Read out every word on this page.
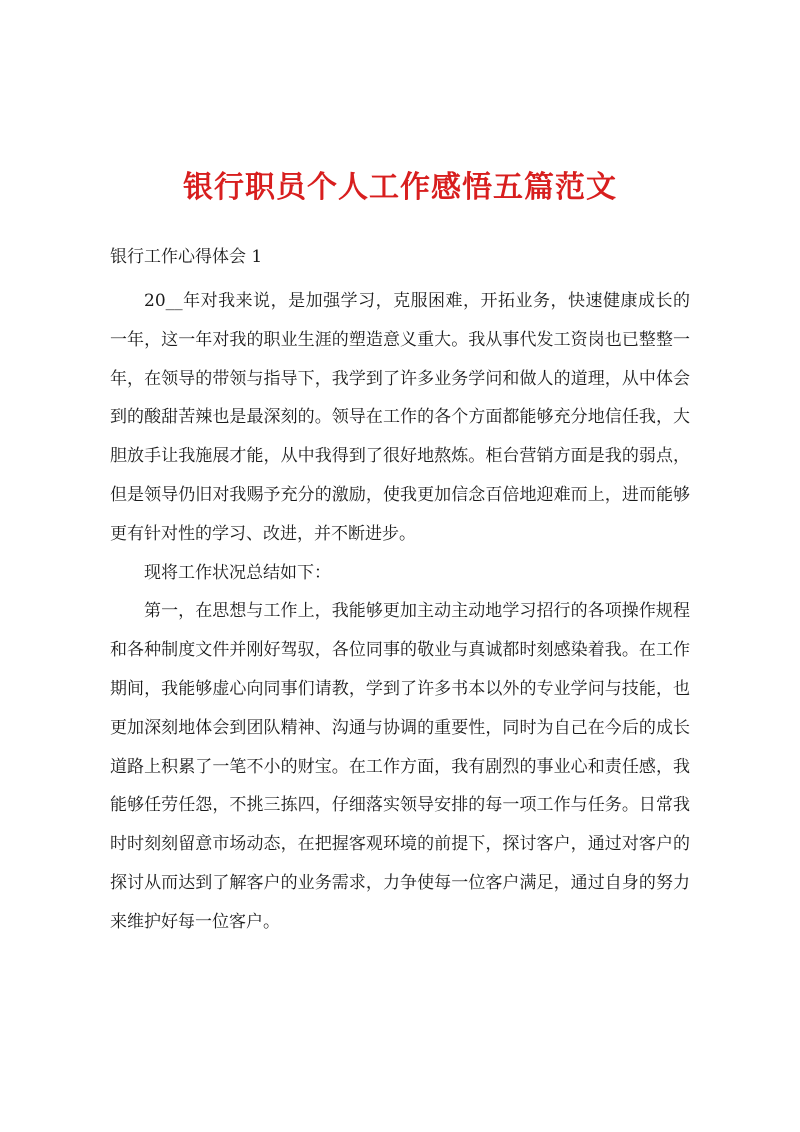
银行职员个人工作感悟五篇范文

银行工作心得体会 1

20__年对我来说，是加强学习，克服困难，开拓业务，快速健康成长的一年，这一年对我的职业生涯的塑造意义重大。我从事代发工资岗也已整整一年，在领导的带领与指导下，我学到了许多业务学问和做人的道理，从中体会到的酸甜苦辣也是最深刻的。领导在工作的各个方面都能够充分地信任我，大胆放手让我施展才能，从中我得到了很好地熬炼。柜台营销方面是我的弱点，但是领导仍旧对我赐予充分的激励，使我更加信念百倍地迎难而上，进而能够更有针对性的学习、改进，并不断进步。

现将工作状况总结如下：

第一，在思想与工作上，我能够更加主动主动地学习招行的各项操作规程和各种制度文件并刚好驾驭，各位同事的敬业与真诚都时刻感染着我。在工作期间，我能够虚心向同事们请教，学到了许多书本以外的专业学问与技能，也更加深刻地体会到团队精神、沟通与协调的重要性，同时为自己在今后的成长道路上积累了一笔不小的财宝。在工作方面，我有剧烈的事业心和责任感，我能够任劳任怨，不挑三拣四，仔细落实领导安排的每一项工作与任务。日常我时时刻刻留意市场动态，在把握客观环境的前提下，探讨客户，通过对客户的探讨从而达到了解客户的业务需求，力争使每一位客户满足，通过自身的努力来维护好每一位客户。
